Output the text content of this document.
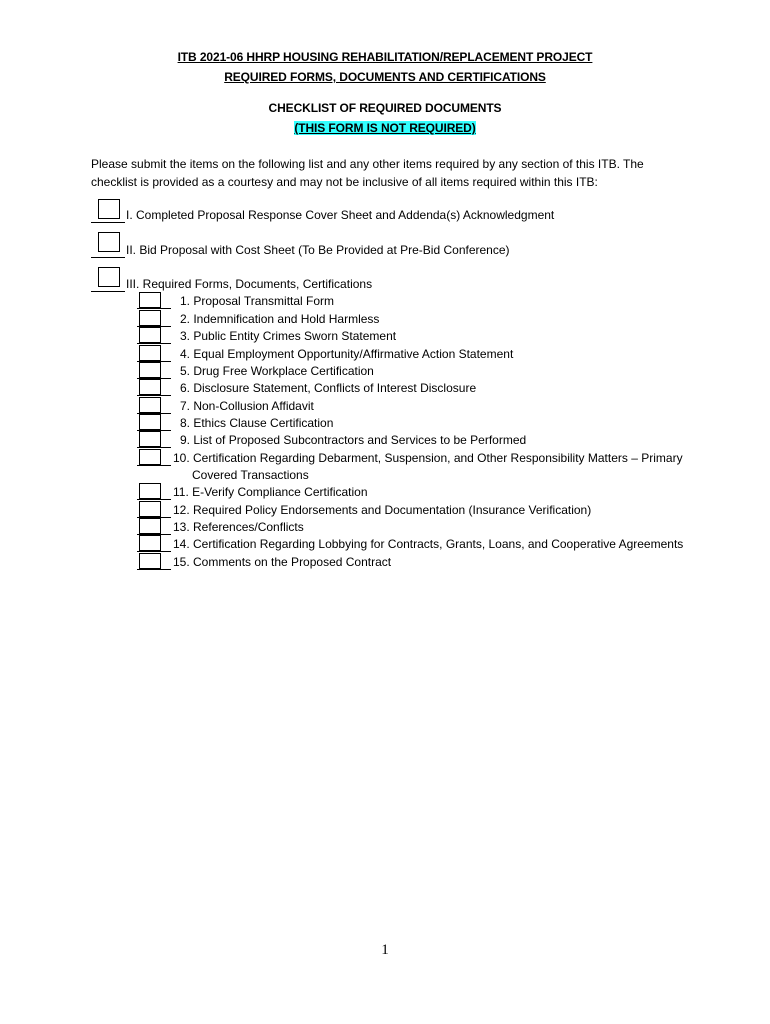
ITB 2021-06 HHRP HOUSING REHABILITATION/REPLACEMENT PROJECT
REQUIRED FORMS, DOCUMENTS AND CERTIFICATIONS
CHECKLIST OF REQUIRED DOCUMENTS
(THIS FORM IS NOT REQUIRED)
Please submit the items on the following list and any other items required by any section of this ITB. The checklist is provided as a courtesy and may not be inclusive of all items required within this ITB:
I. Completed Proposal Response Cover Sheet and Addenda(s) Acknowledgment
II. Bid Proposal with Cost Sheet (To Be Provided at Pre-Bid Conference)
III. Required Forms, Documents, Certifications
1. Proposal Transmittal Form
2. Indemnification and Hold Harmless
3. Public Entity Crimes Sworn Statement
4. Equal Employment Opportunity/Affirmative Action Statement
5. Drug Free Workplace Certification
6. Disclosure Statement, Conflicts of Interest Disclosure
7. Non-Collusion Affidavit
8. Ethics Clause Certification
9. List of Proposed Subcontractors and Services to be Performed
10. Certification Regarding Debarment, Suspension, and Other Responsibility Matters – Primary
Covered Transactions
11. E-Verify Compliance Certification
12. Required Policy Endorsements and Documentation (Insurance Verification)
13. References/Conflicts
14. Certification Regarding Lobbying for Contracts, Grants, Loans, and Cooperative Agreements
15. Comments on the Proposed Contract
1
